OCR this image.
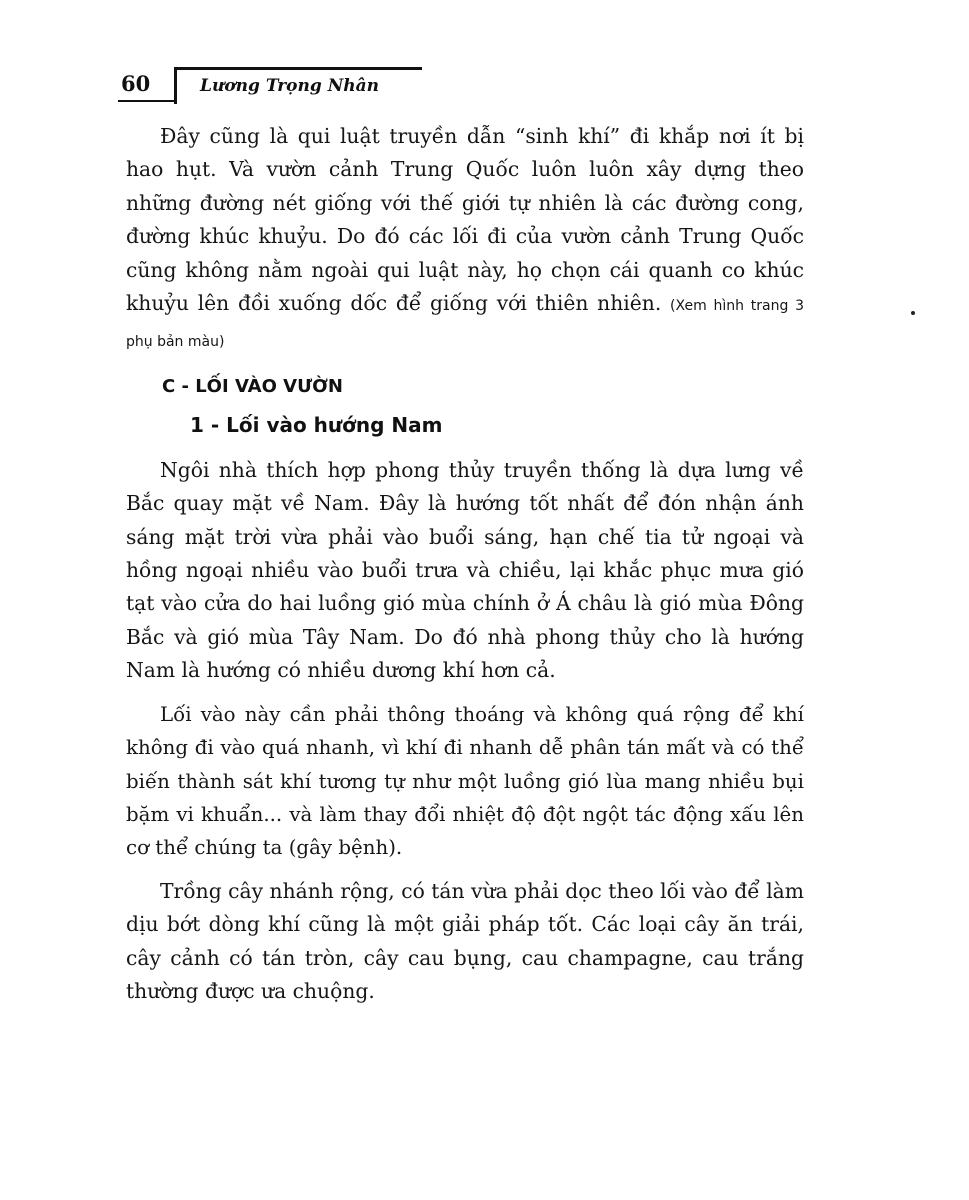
60	Lương Trọng Nhân

Đây cũng là qui luật truyền dẫn “sinh khí” đi khắp nơi ít bị hao hụt. Và vườn cảnh Trung Quốc luôn luôn xây dựng theo những đường nét giống với thế giới tự nhiên là các đường cong, đường khúc khuỷu. Do đó các lối đi của vườn cảnh Trung Quốc cũng không nằm ngoài qui luật này, họ chọn cái quanh co khúc khuỷu lên đồi xuống dốc để giống với thiên nhiên. (Xem hình trang 3 phụ bản màu)

C - LỐI VÀO VƯỜN
1 - Lối vào hướng Nam

Ngôi nhà thích hợp phong thủy truyền thống là dựa lưng về Bắc quay mặt về Nam. Đây là hướng tốt nhất để đón nhận ánh sáng mặt trời vừa phải vào buổi sáng, hạn chế tia tử ngoại và hồng ngoại nhiều vào buổi trưa và chiều, lại khắc phục mưa gió tạt vào cửa do hai luồng gió mùa chính ở Á châu là gió mùa Đông Bắc và gió mùa Tây Nam. Do đó nhà phong thủy cho là hướng Nam là hướng có nhiều dương khí hơn cả.

Lối vào này cần phải thông thoáng và không quá rộng để khí không đi vào quá nhanh, vì khí đi nhanh dễ phân tán mất và có thể biến thành sát khí tương tự như một luồng gió lùa mang nhiều bụi bặm vi khuẩn... và làm thay đổi nhiệt độ đột ngột tác động xấu lên cơ thể chúng ta (gây bệnh).

Trồng cây nhánh rộng, có tán vừa phải dọc theo lối vào để làm dịu bớt dòng khí cũng là một giải pháp tốt. Các loại cây ăn trái, cây cảnh có tán tròn, cây cau bụng, cau champagne, cau trắng thường được ưa chuộng.
